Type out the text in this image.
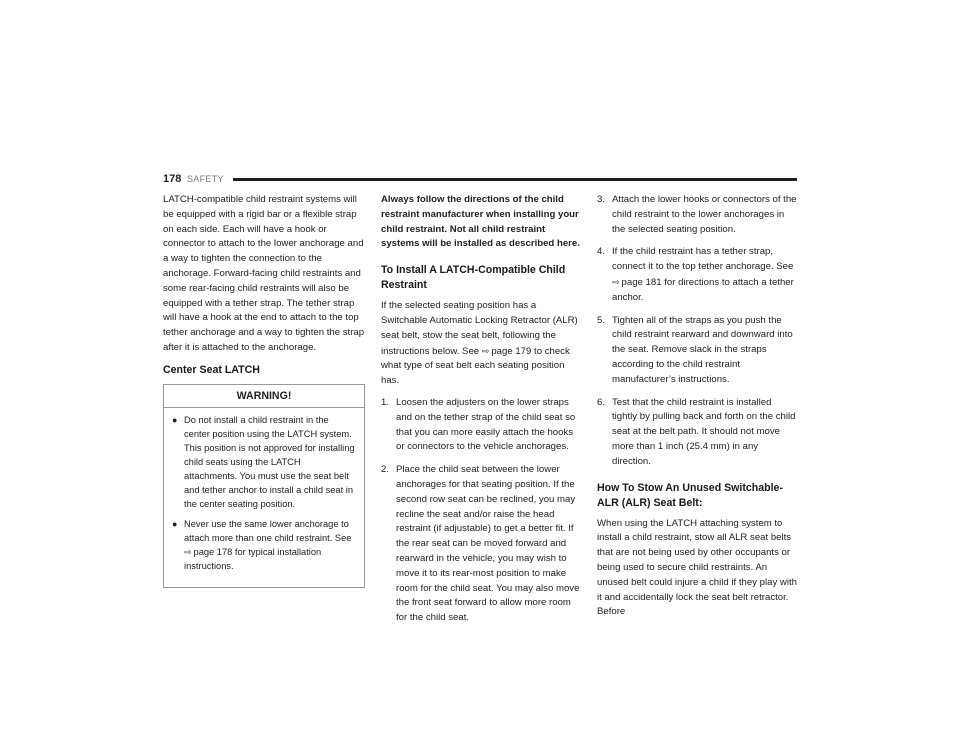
178 SAFETY

LATCH-compatible child restraint systems will be equipped with a rigid bar or a flexible strap on each side. Each will have a hook or connector to attach to the lower anchorage and a way to tighten the connection to the anchorage. Forward-facing child restraints and some rear-facing child restraints will also be equipped with a tether strap. The tether strap will have a hook at the end to attach to the top tether anchorage and a way to tighten the strap after it is attached to the anchorage.

Center Seat LATCH
WARNING!
● Do not install a child restraint in the center position using the LATCH system. This position is not approved for installing child seats using the LATCH attachments. You must use the seat belt and tether anchor to install a child seat in the center seating position.
● Never use the same lower anchorage to attach more than one child restraint. See ⇨ page 178 for typical installation instructions.

Always follow the directions of the child restraint manufacturer when installing your child restraint. Not all child restraint systems will be installed as described here.

To Install A LATCH-Compatible Child Restraint

If the selected seating position has a Switchable Automatic Locking Retractor (ALR) seat belt, stow the seat belt, following the instructions below. See ⇨ page 179 to check what type of seat belt each seating position has.

1. Loosen the adjusters on the lower straps and on the tether strap of the child seat so that you can more easily attach the hooks or connectors to the vehicle anchorages.
2. Place the child seat between the lower anchorages for that seating position. If the second row seat can be reclined, you may recline the seat and/or raise the head restraint (if adjustable) to get a better fit. If the rear seat can be moved forward and rearward in the vehicle, you may wish to move it to its rear-most position to make room for the child seat. You may also move the front seat forward to allow more room for the child seat.
3. Attach the lower hooks or connectors of the child restraint to the lower anchorages in the selected seating position.
4. If the child restraint has a tether strap, connect it to the top tether anchorage. See ⇨ page 181 for directions to attach a tether anchor.
5. Tighten all of the straps as you push the child restraint rearward and downward into the seat. Remove slack in the straps according to the child restraint manufacturer’s instructions.
6. Test that the child restraint is installed tightly by pulling back and forth on the child seat at the belt path. It should not move more than 1 inch (25.4 mm) in any direction.
How To Stow An Unused Switchable-ALR (ALR) Seat Belt:

When using the LATCH attaching system to install a child restraint, stow all ALR seat belts that are not being used by other occupants or being used to secure child restraints. An unused belt could injure a child if they play with it and accidentally lock the seat belt retractor. Before
